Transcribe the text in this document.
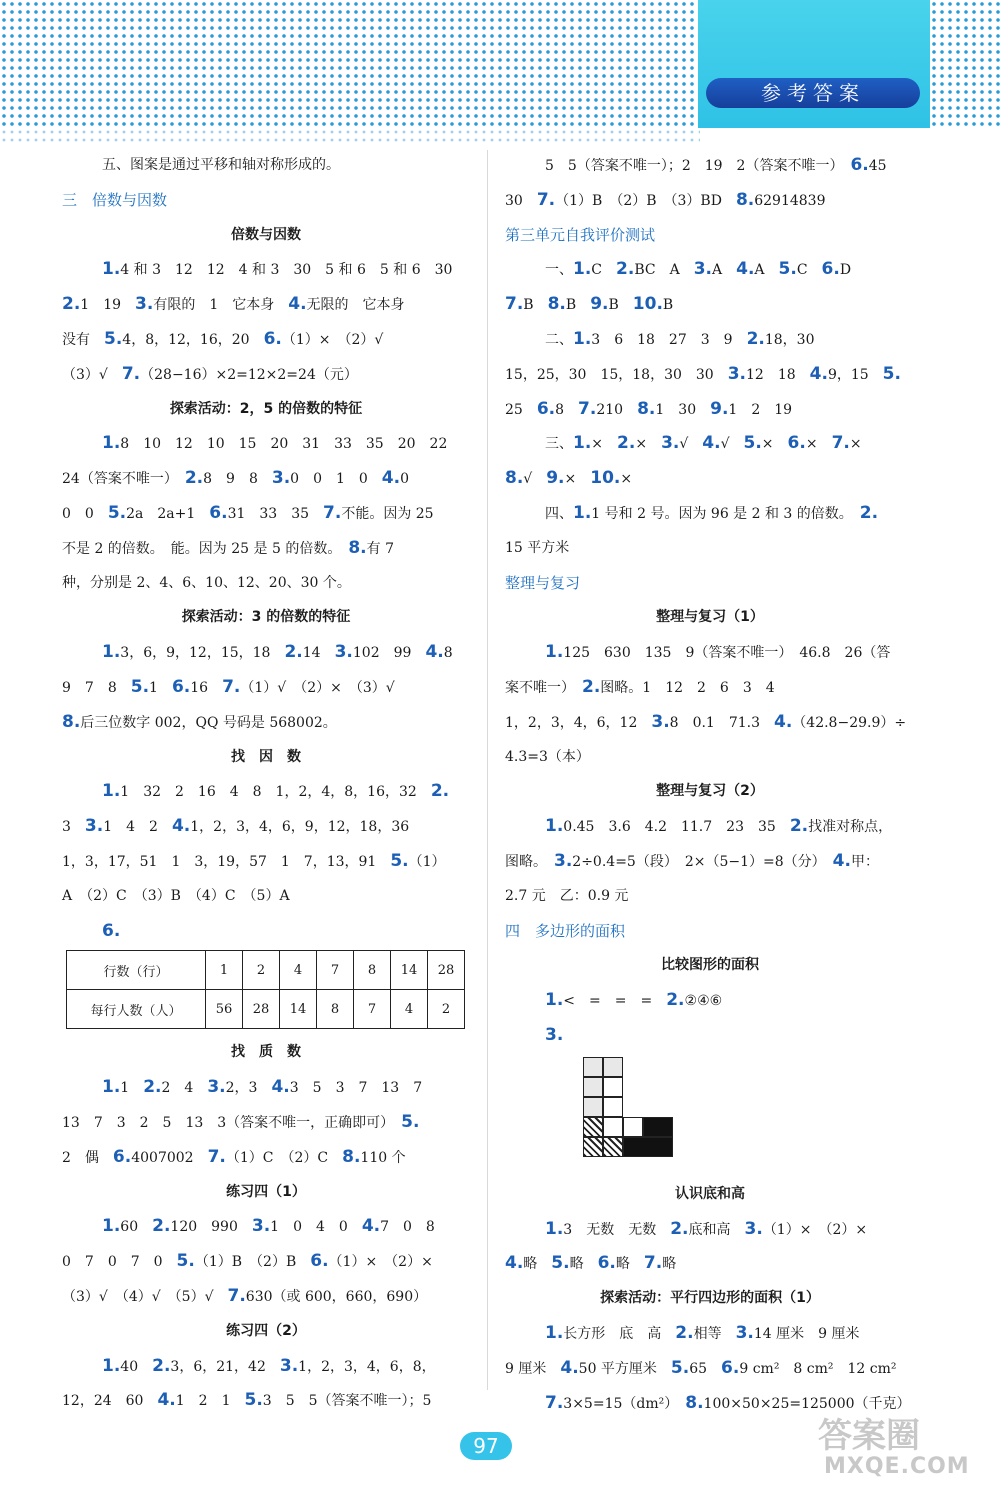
参考答案
五、图案是通过平移和轴对称形成的。
三　倍数与因数
倍数与因数
1.4 和 3　12　12　4 和 3　30　5 和 6　5 和 6　30
2.1　19　3.有限的　1　它本身　4.无限的　它本身
没有　5.4，8，12，16，20　6.（1）×　（2）√
（3）√　7.（28−16）×2=12×2=24（元）
探索活动：2，5 的倍数的特征
1.8　10　12　10　15　20　31　33　35　20　22
24（答案不唯一）　2.8　9　8　3.0　0　1　0　4.0
0　0　5.2a　2a+1　6.31　33　35　7.不能。因为 25
不是 2 的倍数。　能。因为 25 是 5 的倍数。　8.有 7
种，分别是 2、4、6、10、12、20、30 个。
探索活动：3 的倍数的特征
1.3，6，9，12，15，18　2.14　3.102　99　4.8
9　7　8　5.1　6.16　7.（1）√　（2）×　（3）√
8.后三位数字 002，QQ 号码是 568002。
找　因　数
1.1　32　2　16　4　8　1，2，4，8，16，32　2.
3　3.1　4　2　4.1，2，3，4，6，9，12，18，36
1，3，17，51　1　3，19，57　1　7，13，91　5.（1）
A　（2）C　（3）B　（4）C　（5）A
6.
行数（行）	1	2	4	7	8	14	28
每行人数（人）	56	28	14	8	7	4	2
找　质　数
1.1　2.2　4　3.2，3　4.3　5　3　7　13　7
13　7　3　2　5　13　3（答案不唯一，正确即可）　5.
2　偶　6.4007002　7.（1）C　（2）C　8.110 个
练习四（1）
1.60　2.120　990　3.1　0　4　0　4.7　0　8
0　7　0　7　0　5.（1）B　（2）B　6.（1）×　（2）×
（3）√　（4）√　（5）√　7.630（或 600，660，690）
练习四（2）
1.40　2.3，6，21，42　3.1，2，3，4，6，8，
12，24　60　4.1　2　1　5.3　5　5（答案不唯一）；5
5　5（答案不唯一）；2　19　2（答案不唯一）　6.45
30　7.（1）B　（2）B　（3）BD　8.62914839
第三单元自我评价测试
一、1.C　2.BC　A　3.A　4.A　5.C　6.D
7.B　8.B　9.B　10.B
二、1.3　6　18　27　3　9　2.18，30
15，25，30　15，18，30　30　3.12　18　4.9，15　5.
25　6.8　7.210　8.1　30　9.1　2　19
三、1.×　2.×　3.√　4.√　5.×　6.×　7.×
8.√　9.×　10.×
四、1.1 号和 2 号。因为 96 是 2 和 3 的倍数。　2.
15 平方米
整理与复习
整理与复习（1）
1.125　630　135　9（答案不唯一）　46.8　26（答
案不唯一）　2.图略。1　12　2　6　3　4
1，2，3，4，6，12　3.8　0.1　71.3　4.（42.8−29.9）÷
4.3=3（本）
整理与复习（2）
1.0.45　3.6　4.2　11.7　23　35　2.找准对称点，
图略。　3.2÷0.4=5（段）　2×（5−1）=8（分）　4.甲：
2.7 元　乙：0.9 元
四　多边形的面积
比较图形的面积
1.<　=　=　=　2.②④⑥
3.
认识底和高
1.3　无数　无数　2.底和高　3.（1）×　（2）×
4.略　5.略　6.略　7.略
探索活动：平行四边形的面积（1）
1.长方形　底　高　2.相等　3.14 厘米　9 厘米
9 厘米　4.50 平方厘米　5.65　6.9 cm²　8 cm²　12 cm²
7.3×5=15（dm²）　8.100×50×25=125000（千克）
97	答案圈
MXQE.COM
